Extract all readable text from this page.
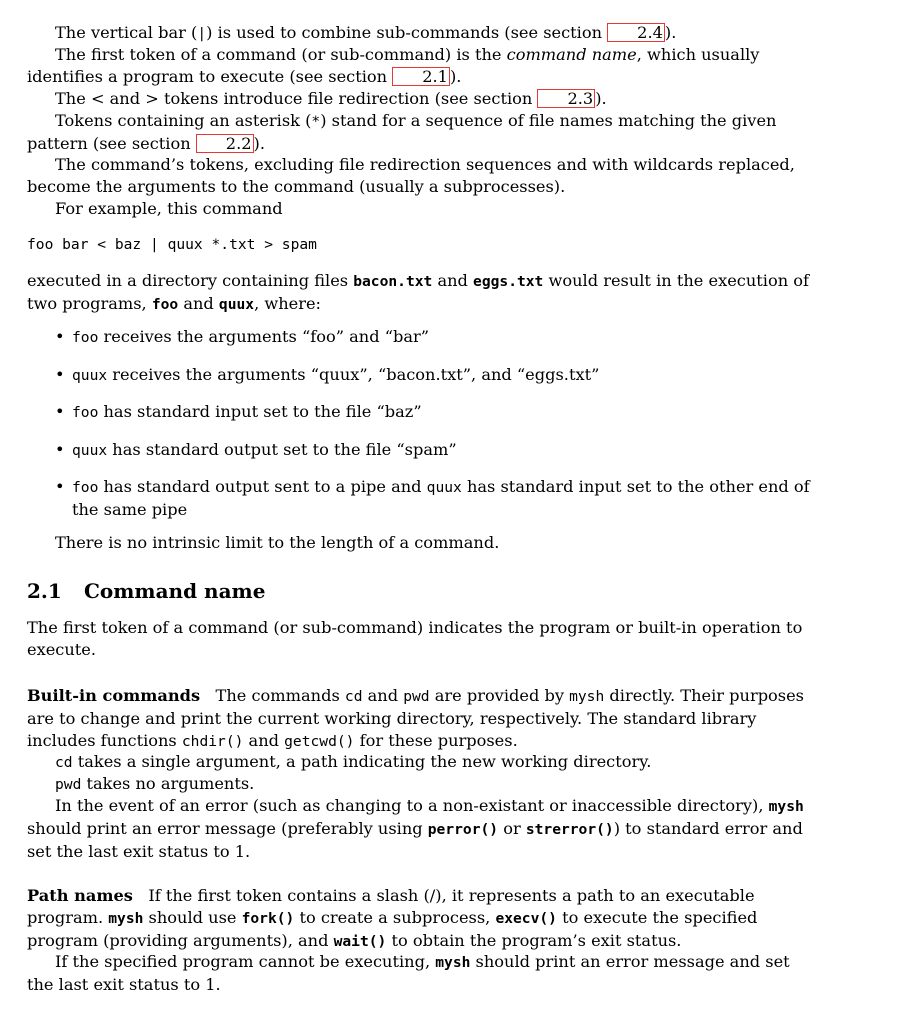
The vertical bar (|) is used to combine sub-commands (see section 2.4 ).

The first token of a command (or sub-command) is the command name, which usually identifies a program to execute (see section 2.1 ).

The < and > tokens introduce file redirection (see section 2.3 ).

Tokens containing an asterisk (*) stand for a sequence of file names matching the given pattern (see section 2.2 ).

The command’s tokens, excluding file redirection sequences and with wildcards replaced, become the arguments to the command (usually a subprocesses).

For example, this command

foo bar < baz | quux *.txt > spam

executed in a directory containing files bacon.txt and eggs.txt would result in the execution of two programs, foo and quux, where:

• foo receives the arguments “foo” and “bar”
• quux receives the arguments “quux”, “bacon.txt”, and “eggs.txt”
• foo has standard input set to the file “baz”
• quux has standard output set to the file “spam”
• foo has standard output sent to a pipe and quux has standard input set to the other end of the same pipe

There is no intrinsic limit to the length of a command.

2.1 Command name

The first token of a command (or sub-command) indicates the program or built-in operation to execute.

Built-in commands The commands cd and pwd are provided by mysh directly. Their purposes are to change and print the current working directory, respectively. The standard library includes functions chdir() and getcwd() for these purposes.

cd takes a single argument, a path indicating the new working directory.

pwd takes no arguments.

In the event of an error (such as changing to a non-existant or inaccessible directory), mysh should print an error message (preferably using perror() or strerror()) to standard error and set the last exit status to 1.

Path names If the first token contains a slash (/), it represents a path to an executable program. mysh should use fork() to create a subprocess, execv() to execute the specified program (providing arguments), and wait() to obtain the program’s exit status.

If the specified program cannot be executing, mysh should print an error message and set the last exit status to 1.
